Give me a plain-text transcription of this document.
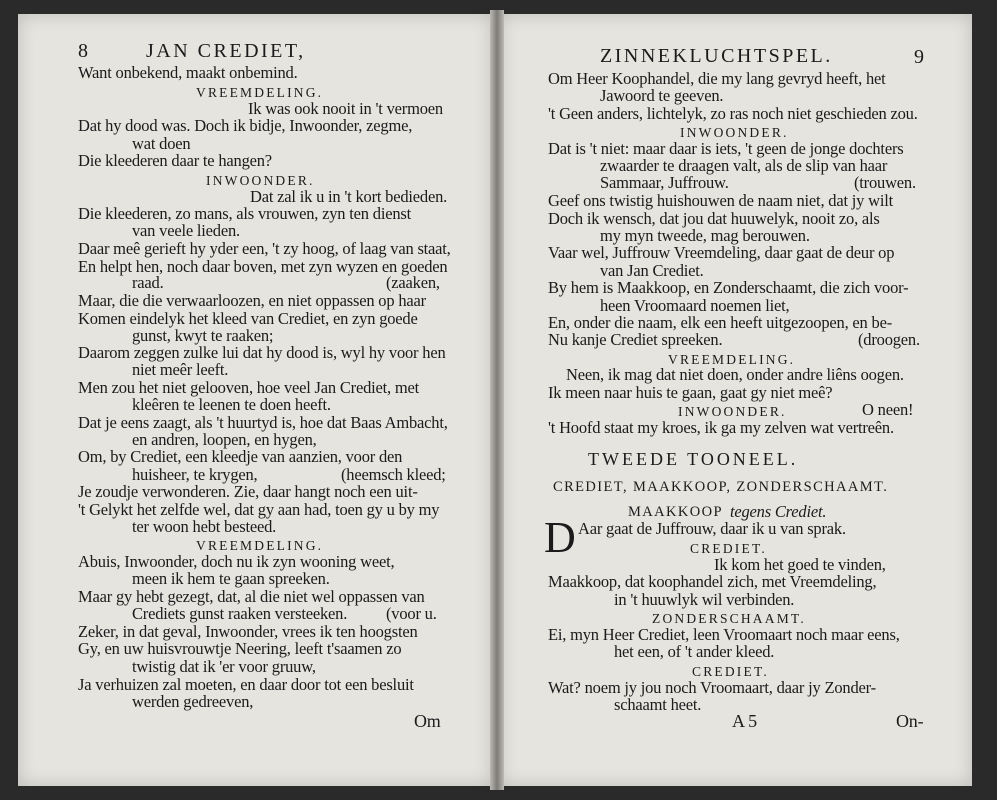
8	JAN CREDIET,
Want onbekend, maakt onbemind.
VREEMDELING.
Ik was ook nooit in 't vermoen
Dat hy dood was. Doch ik bidje, Inwoonder, zegme,
wat doen
Die kleederen daar te hangen?
INWOONDER.
Dat zal ik u in 't kort bedieden.
Die kleederen, zo mans, als vrouwen, zyn ten dienst
van veele lieden.
Daar meê gerieft hy yder een, 't zy hoog, of laag van staat,
En helpt hen, noch daar boven, met zyn wyzen en goeden
raad.	(zaaken,
Maar, die die verwaarloozen, en niet oppassen op haar
Komen eindelyk het kleed van Crediet, en zyn goede
gunst, kwyt te raaken;
Daarom zeggen zulke lui dat hy dood is, wyl hy voor hen
niet meêr leeft.
Men zou het niet gelooven, hoe veel Jan Crediet, met
kleêren te leenen te doen heeft.
Dat je eens zaagt, als 't huurtyd is, hoe dat Baas Ambacht,
en andren, loopen, en hygen,
Om, by Crediet, een kleedje van aanzien, voor den
huisheer, te krygen,	(heemsch kleed;
Je zoudje verwonderen. Zie, daar hangt noch een uit-
't Gelykt het zelfde wel, dat gy aan had, toen gy u by my
ter woon hebt besteed.
VREEMDELING.
Abuis, Inwoonder, doch nu ik zyn wooning weet,
meen ik hem te gaan spreeken.
Maar gy hebt gezegt, dat, al die niet wel oppassen van
Crediets gunst raaken versteeken. (voor u.
Zeker, in dat geval, Inwoonder, vrees ik ten hoogsten
Gy, en uw huisvrouwtje Neering, leeft t'saamen zo
twistig dat ik 'er voor gruuw,
Ja verhuizen zal moeten, en daar door tot een besluit
werden gedreeven,
Om
ZINNEKLUCHTSPEL.	9
Om Heer Koophandel, die my lang gevryd heeft, het
Jawoord te geeven.
't Geen anders, lichtelyk, zo ras noch niet geschieden zou.
INWOONDER.
Dat is 't niet: maar daar is iets, 't geen de jonge dochters
zwaarder te draagen valt, als de slip van haar
Sammaar, Juffrouw.	(trouwen.
Geef ons twistig huishouwen de naam niet, dat jy wilt
Doch ik wensch, dat jou dat huuwelyk, nooit zo, als
my myn tweede, mag berouwen.
Vaar wel, Juffrouw Vreemdeling, daar gaat de deur op
van Jan Crediet.
By hem is Maakkoop, en Zonderschaamt, die zich voor-
heen Vroomaard noemen liet,
En, onder die naam, elk een heeft uitgezoopen, en be-
Nu kanje Crediet spreeken.	(droogen.
VREEMDELING.
Neen, ik mag dat niet doen, onder andre liêns oogen.
Ik meen naar huis te gaan, gaat gy niet meê?
INWOONDER.	O neen!
't Hoofd staat my kroes, ik ga my zelven wat vertreên.
TWEEDE TOONEEL.
CREDIET, MAAKKOOP, ZONDERSCHAAMT.
MAAKKOOP tegens Crediet.
D Aar gaat de Juffrouw, daar ik u van sprak.
CREDIET.
Ik kom het goed te vinden,
Maakkoop, dat koophandel zich, met Vreemdeling,
in 't huuwlyk wil verbinden.
ZONDERSCHAAMT.
Ei, myn Heer Crediet, leen Vroomaart noch maar eens,
het een, of 't ander kleed.
CREDIET.
Wat? noem jy jou noch Vroomaart, daar jy Zonder-
schaamt heet.
A 5	On-
